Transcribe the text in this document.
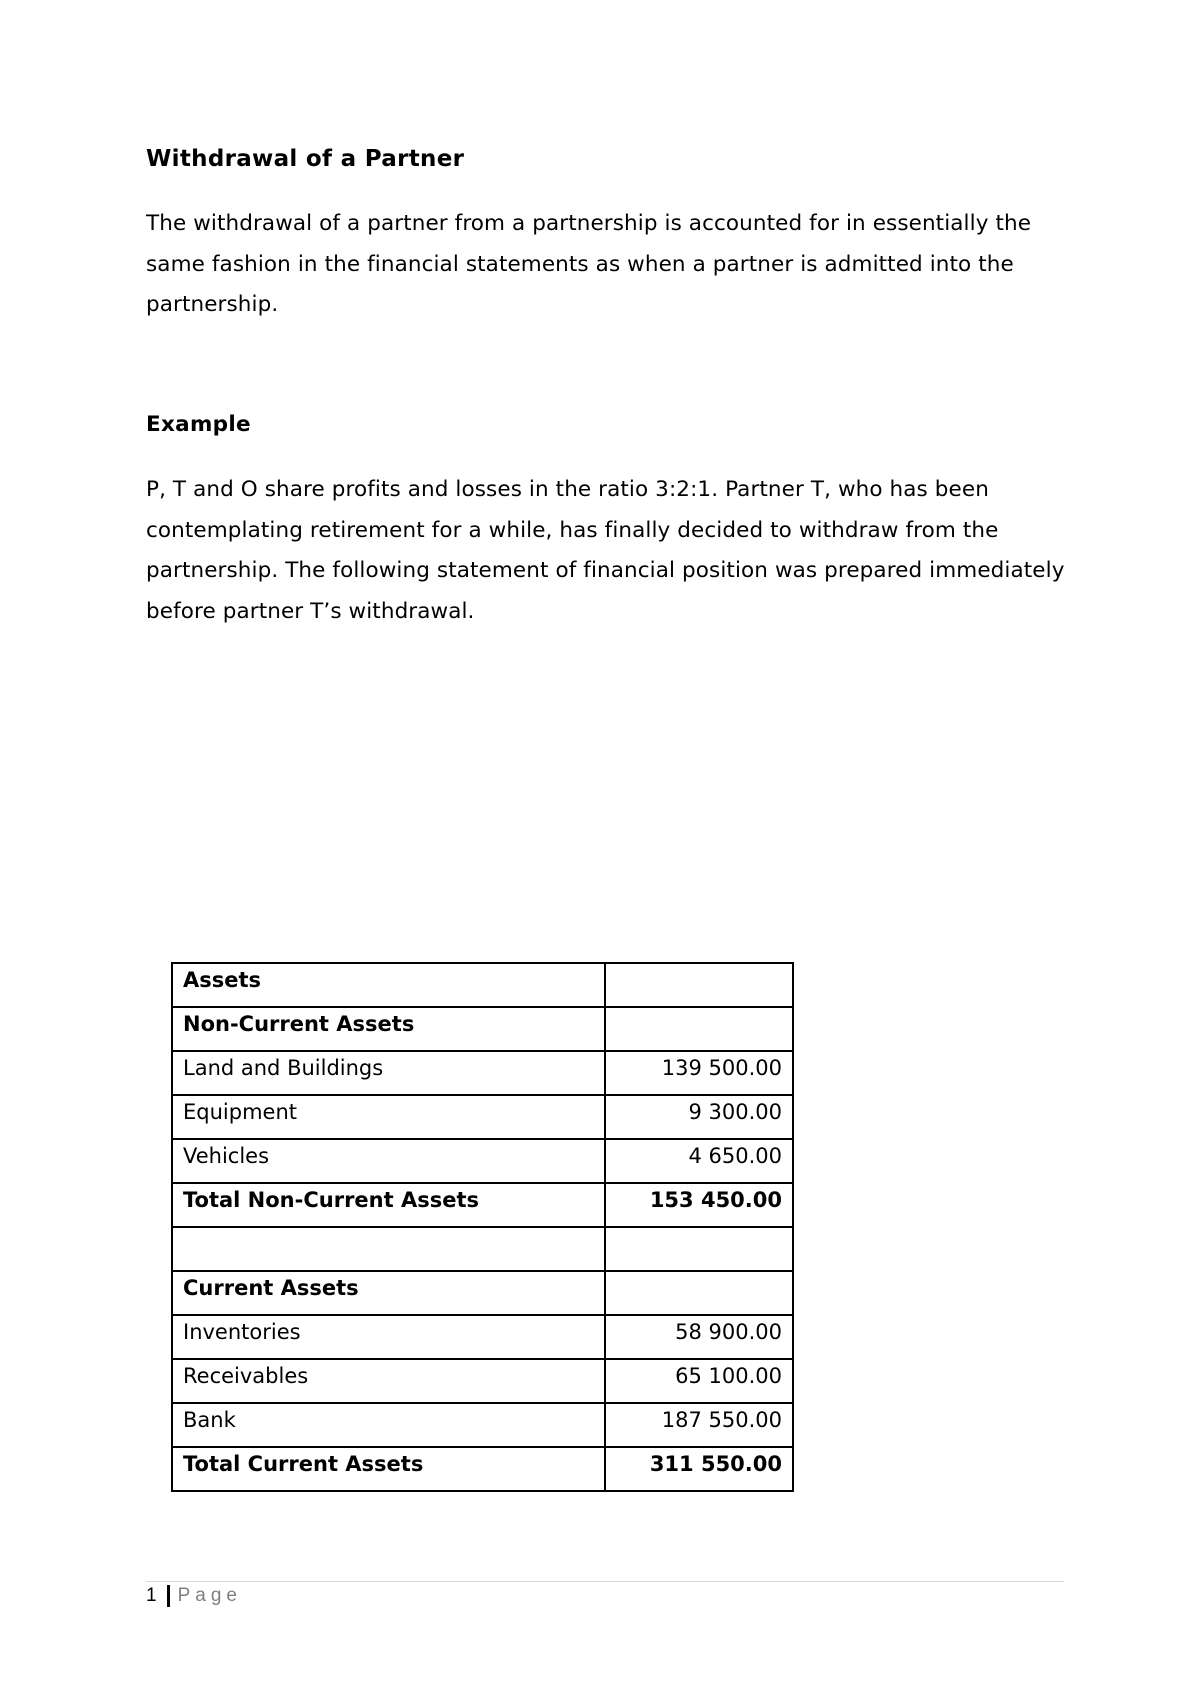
Withdrawal of a Partner

The withdrawal of a partner from a partnership is accounted for in essentially the same fashion in the financial statements as when a partner is admitted into the partnership.

Example

P, T and O share profits and losses in the ratio 3:2:1. Partner T, who has been contemplating retirement for a while, has finally decided to withdraw from the partnership. The following statement of financial position was prepared immediately before partner T’s withdrawal.

Assets	
Non-Current Assets	
Land and Buildings	139 500.00
Equipment	9 300.00
Vehicles	4 650.00
Total Non-Current Assets	153 450.00

Current Assets	
Inventories	58 900.00
Receivables	65 100.00
Bank	187 550.00
Total Current Assets	311 550.00
1 Page
